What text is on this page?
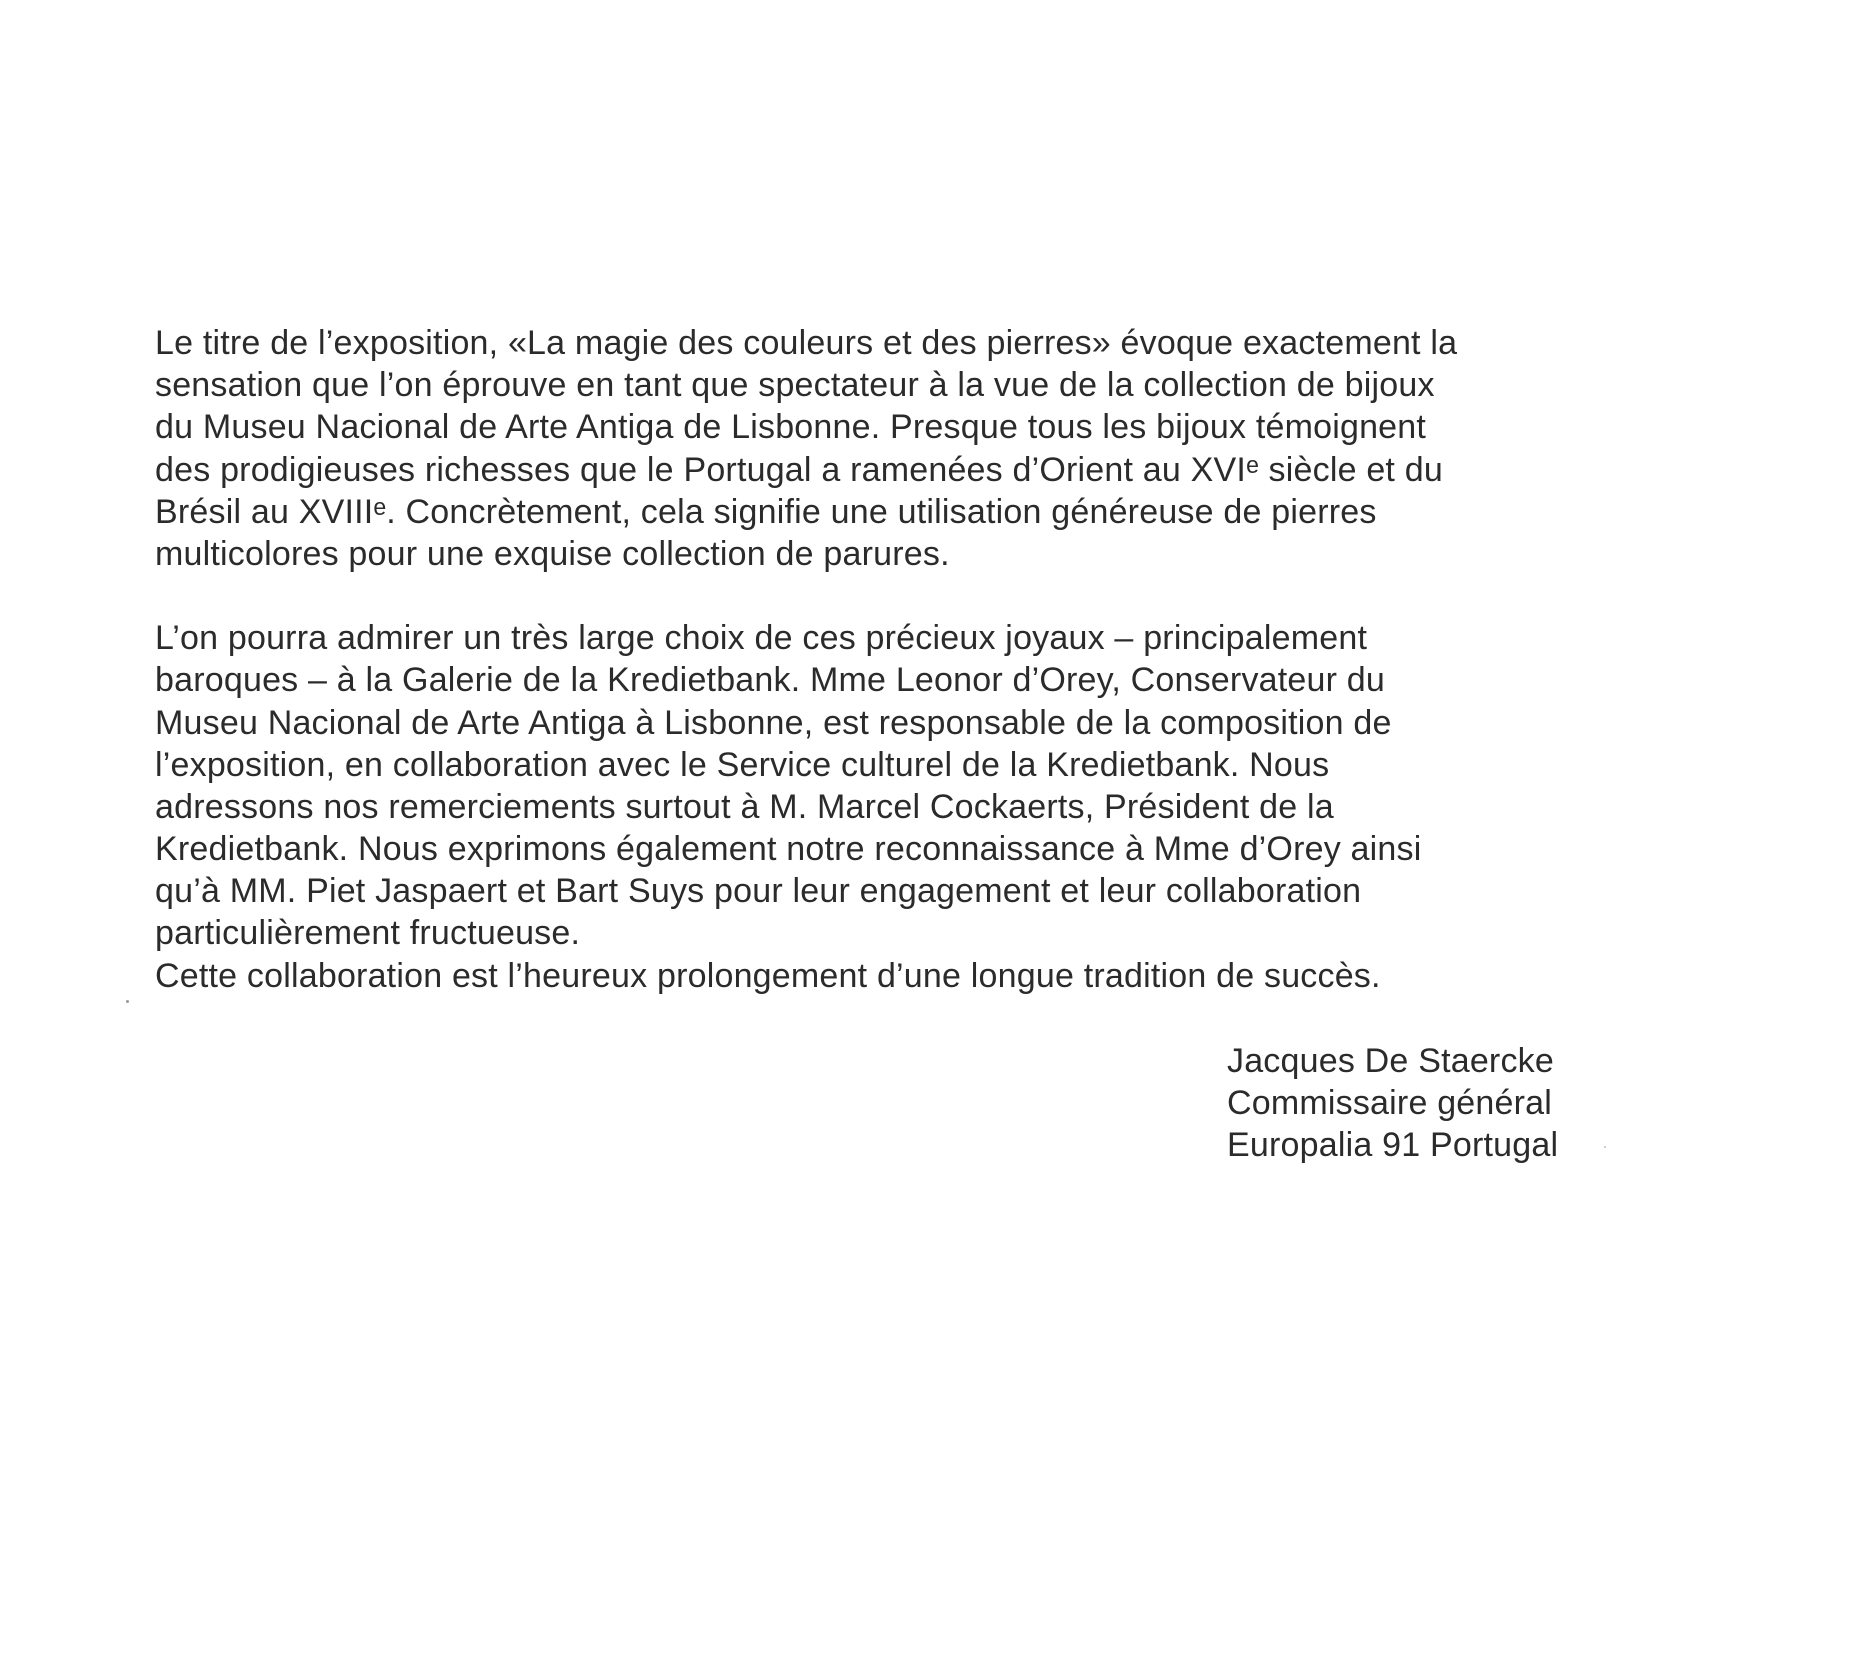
Le titre de l’exposition, «La magie des couleurs et des pierres» évoque exactement la
sensation que l’on éprouve en tant que spectateur à la vue de la collection de bijoux
du Museu Nacional de Arte Antiga de Lisbonne. Presque tous les bijoux témoignent
des prodigieuses richesses que le Portugal a ramenées d’Orient au XVIᵉ siècle et du
Brésil au XVIIIᵉ. Concrètement, cela signifie une utilisation généreuse de pierres
multicolores pour une exquise collection de parures.
L’on pourra admirer un très large choix de ces précieux joyaux – principalement
baroques – à la Galerie de la Kredietbank. Mme Leonor d’Orey, Conservateur du
Museu Nacional de Arte Antiga à Lisbonne, est responsable de la composition de
l’exposition, en collaboration avec le Service culturel de la Kredietbank. Nous
adressons nos remerciements surtout à M. Marcel Cockaerts, Président de la
Kredietbank. Nous exprimons également notre reconnaissance à Mme d’Orey ainsi
qu’à MM. Piet Jaspaert et Bart Suys pour leur engagement et leur collaboration
particulièrement fructueuse.
Cette collaboration est l’heureux prolongement d’une longue tradition de succès.
Jacques De Staercke
Commissaire général
Europalia 91 Portugal
